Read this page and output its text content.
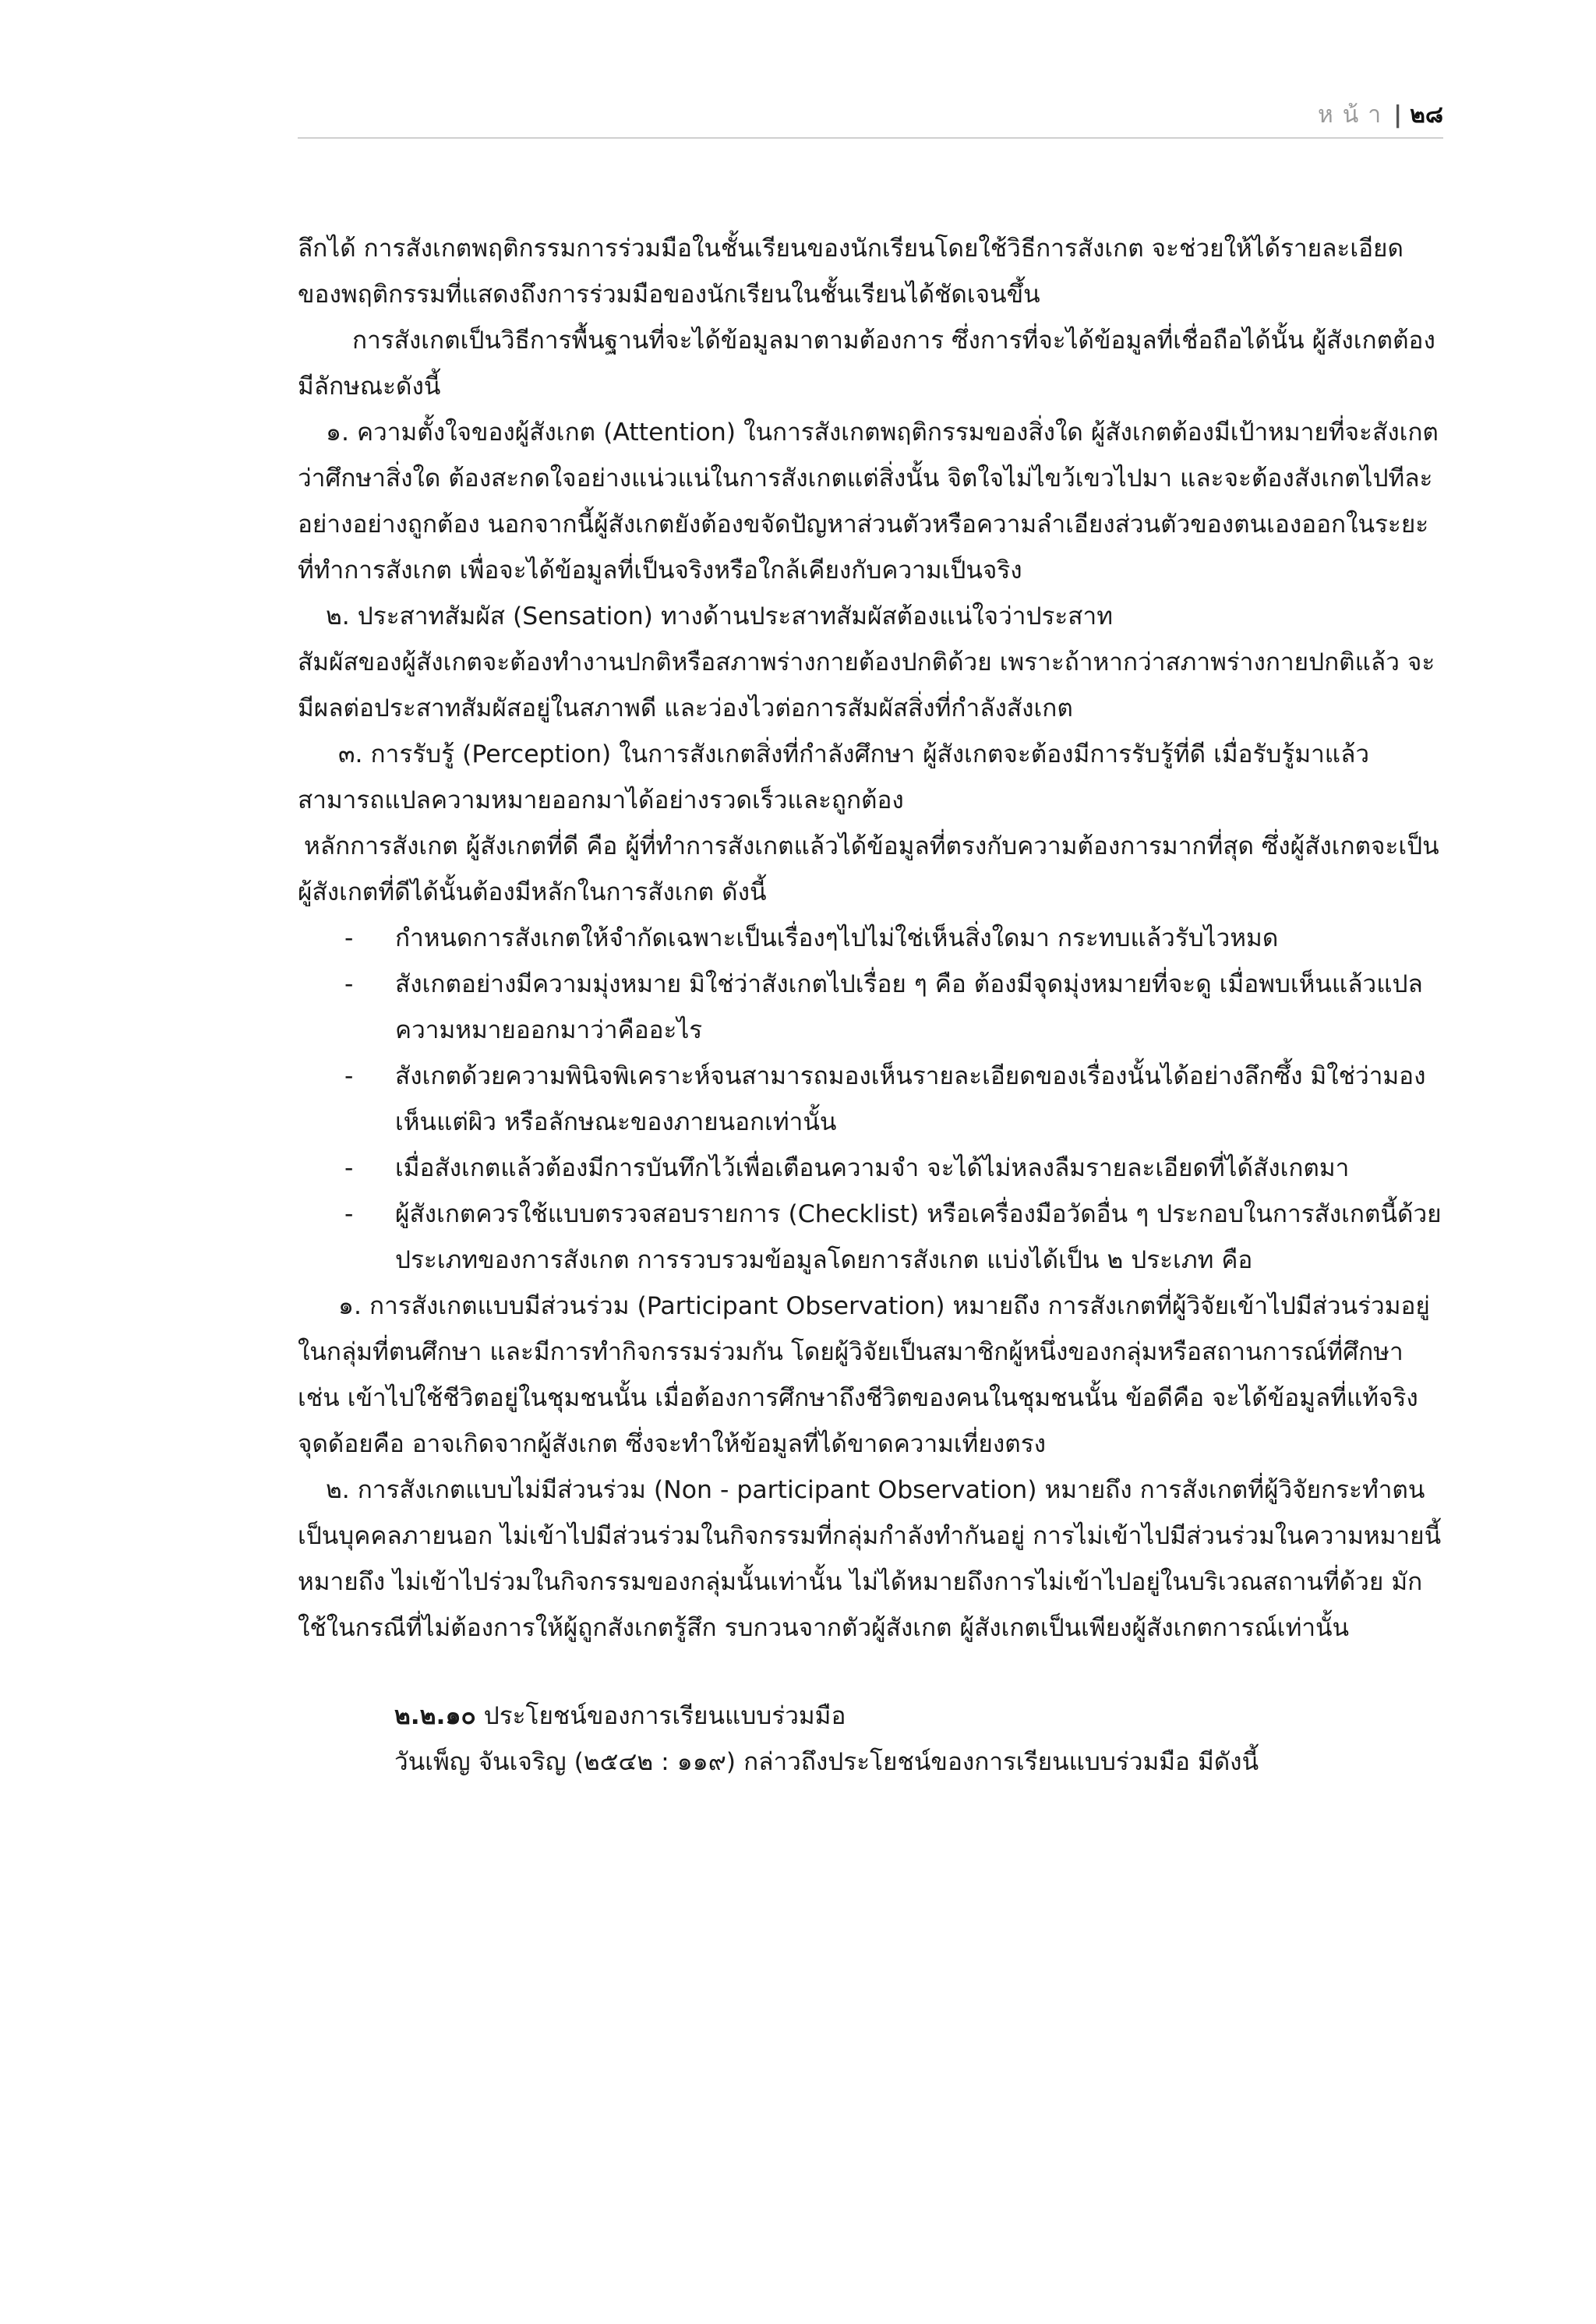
หน้า | ๒๘

ลึกได้ การสังเกตพฤติกรรมการร่วมมือในชั้นเรียนของนักเรียนโดยใช้วิธีการสังเกต จะช่วยให้ได้รายละเอียดของพฤติกรรมที่แสดงถึงการร่วมมือของนักเรียนในชั้นเรียนได้ชัดเจนขึ้น

การสังเกตเป็นวิธีการพื้นฐานที่จะได้ข้อมูลมาตามต้องการ ซึ่งการที่จะได้ข้อมูลที่เชื่อถือได้นั้น ผู้สังเกตต้องมีลักษณะดังนี้

๑. ความตั้งใจของผู้สังเกต (Attention) ในการสังเกตพฤติกรรมของสิ่งใด ผู้สังเกตต้องมีเป้าหมายที่จะสังเกตว่าศึกษาสิ่งใด ต้องสะกดใจอย่างแน่วแน่ในการสังเกตแต่สิ่งนั้น จิตใจไม่ไขว้เขวไปมา และจะต้องสังเกตไปทีละอย่างอย่างถูกต้อง นอกจากนี้ผู้สังเกตยังต้องขจัดปัญหาส่วนตัวหรือความลำเอียงส่วนตัวของตนเองออกในระยะที่ทำการสังเกต เพื่อจะได้ข้อมูลที่เป็นจริงหรือใกล้เคียงกับความเป็นจริง

๒. ประสาทสัมผัส (Sensation) ทางด้านประสาทสัมผัสต้องแน่ใจว่าประสาท

สัมผัสของผู้สังเกตจะต้องทำงานปกติหรือสภาพร่างกายต้องปกติด้วย เพราะถ้าหากว่าสภาพร่างกายปกติแล้ว จะมีผลต่อประสาทสัมผัสอยู่ในสภาพดี และว่องไวต่อการสัมผัสสิ่งที่กำลังสังเกต

๓. การรับรู้ (Perception) ในการสังเกตสิ่งที่กำลังศึกษา ผู้สังเกตจะต้องมีการรับรู้ที่ดี เมื่อรับรู้มาแล้วสามารถแปลความหมายออกมาได้อย่างรวดเร็วและถูกต้อง

หลักการสังเกต ผู้สังเกตที่ดี คือ ผู้ที่ทำการสังเกตแล้วได้ข้อมูลที่ตรงกับความต้องการมากที่สุด ซึ่งผู้สังเกตจะเป็นผู้สังเกตที่ดีได้นั้นต้องมีหลักในการสังเกต ดังนี้

- กำหนดการสังเกตให้จำกัดเฉพาะเป็นเรื่องๆไปไม่ใช่เห็นสิ่งใดมา กระทบแล้วรับไวหมด
- สังเกตอย่างมีความมุ่งหมาย มิใช่ว่าสังเกตไปเรื่อย ๆ คือ ต้องมีจุดมุ่งหมายที่จะดู เมื่อพบเห็นแล้วแปลความหมายออกมาว่าคืออะไร
- สังเกตด้วยความพินิจพิเคราะห์จนสามารถมองเห็นรายละเอียดของเรื่องนั้นได้อย่างลึกซึ้ง มิใช่ว่ามองเห็นแต่ผิว หรือลักษณะของภายนอกเท่านั้น
- เมื่อสังเกตแล้วต้องมีการบันทึกไว้เพื่อเตือนความจำ จะได้ไม่หลงลืมรายละเอียดที่ได้สังเกตมา
- ผู้สังเกตควรใช้แบบตรวจสอบรายการ (Checklist) หรือเครื่องมือวัดอื่น ๆ ประกอบในการสังเกตนี้ด้วยประเภทของการสังเกต การรวบรวมข้อมูลโดยการสังเกต แบ่งได้เป็น ๒ ประเภท คือ

๑. การสังเกตแบบมีส่วนร่วม (Participant Observation) หมายถึง การสังเกตที่ผู้วิจัยเข้าไปมีส่วนร่วมอยู่ในกลุ่มที่ตนศึกษา และมีการทำกิจกรรมร่วมกัน โดยผู้วิจัยเป็นสมาชิกผู้หนึ่งของกลุ่มหรือสถานการณ์ที่ศึกษา เช่น เข้าไปใช้ชีวิตอยู่ในชุมชนนั้น เมื่อต้องการศึกษาถึงชีวิตของคนในชุมชนนั้น ข้อดีคือ จะได้ข้อมูลที่แท้จริง จุดด้อยคือ อาจเกิดจากผู้สังเกต ซึ่งจะทำให้ข้อมูลที่ได้ขาดความเที่ยงตรง

๒. การสังเกตแบบไม่มีส่วนร่วม (Non - participant Observation) หมายถึง การสังเกตที่ผู้วิจัยกระทำตนเป็นบุคคลภายนอก ไม่เข้าไปมีส่วนร่วมในกิจกรรมที่กลุ่มกำลังทำกันอยู่ การไม่เข้าไปมีส่วนร่วมในความหมายนี้ หมายถึง ไม่เข้าไปร่วมในกิจกรรมของกลุ่มนั้นเท่านั้น ไม่ได้หมายถึงการไม่เข้าไปอยู่ในบริเวณสถานที่ด้วย มักใช้ในกรณีที่ไม่ต้องการให้ผู้ถูกสังเกตรู้สึก รบกวนจากตัวผู้สังเกต ผู้สังเกตเป็นเพียงผู้สังเกตการณ์เท่านั้น

๒.๒.๑๐ ประโยชน์ของการเรียนแบบร่วมมือ

วันเพ็ญ จันเจริญ (๒๕๔๒ : ๑๑๙) กล่าวถึงประโยชน์ของการเรียนแบบร่วมมือ มีดังนี้
